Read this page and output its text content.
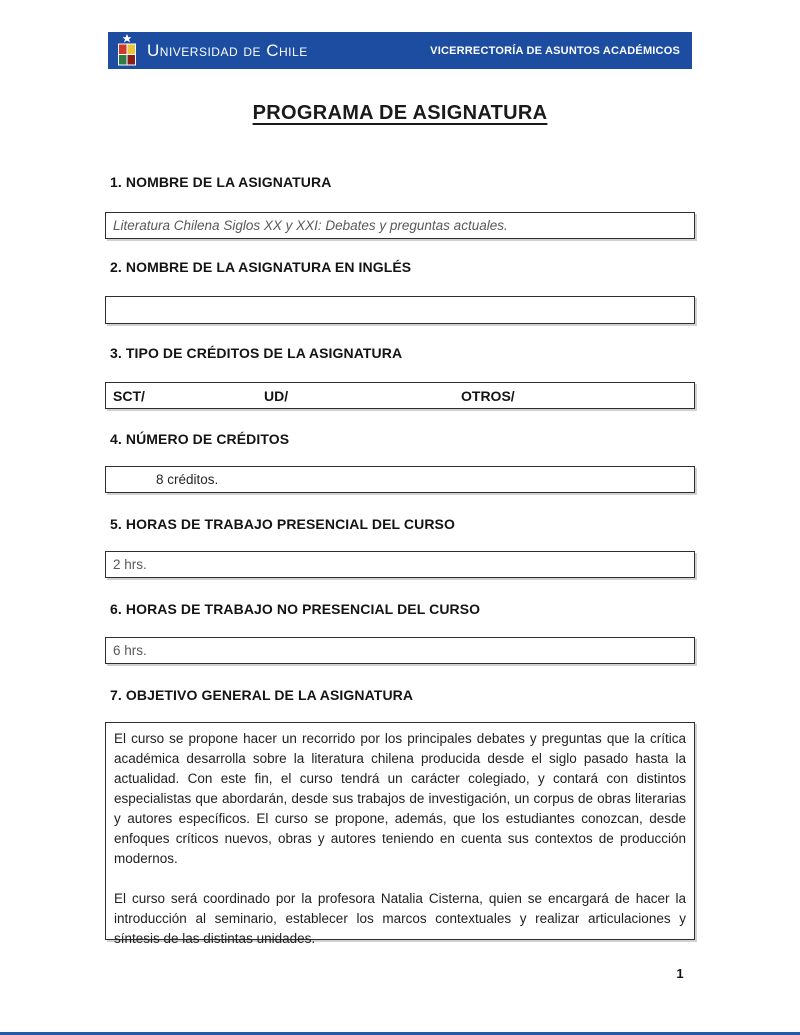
Universidad de Chile	VICERRECTORÍA DE ASUNTOS ACADÉMICOS
PROGRAMA DE ASIGNATURA
1. NOMBRE DE LA ASIGNATURA
Literatura Chilena Siglos XX y XXI: Debates y preguntas actuales.
2. NOMBRE DE LA ASIGNATURA EN INGLÉS
3. TIPO DE CRÉDITOS DE LA ASIGNATURA
SCT/	UD/	OTROS/
4. NÚMERO DE CRÉDITOS
8 créditos.
5. HORAS DE TRABAJO PRESENCIAL DEL CURSO
2 hrs.
6. HORAS DE TRABAJO NO PRESENCIAL DEL CURSO
6 hrs.
7. OBJETIVO GENERAL DE LA ASIGNATURA

El curso se propone hacer un recorrido por los principales debates y preguntas que la crítica académica desarrolla sobre la literatura chilena producida desde el siglo pasado hasta la actualidad. Con este fin, el curso tendrá un carácter colegiado, y contará con distintos especialistas que abordarán, desde sus trabajos de investigación, un corpus de obras literarias y autores específicos. El curso se propone, además, que los estudiantes conozcan, desde enfoques críticos nuevos, obras y autores teniendo en cuenta sus contextos de producción modernos.

El curso será coordinado por la profesora Natalia Cisterna, quien se encargará de hacer la introducción al seminario, establecer los marcos contextuales y realizar articulaciones y síntesis de las distintas unidades.

1
